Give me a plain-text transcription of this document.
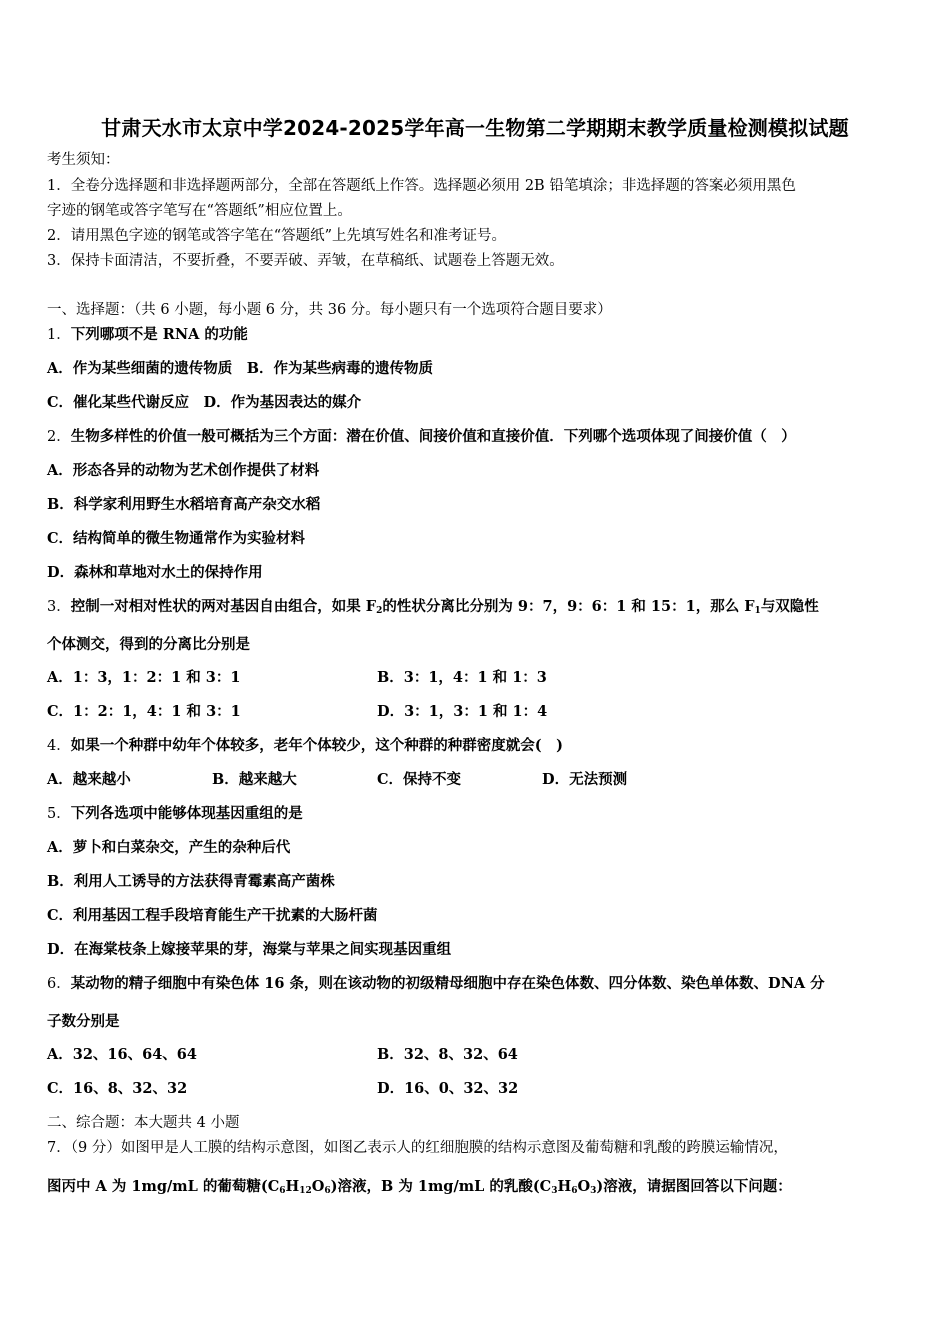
甘肃天水市太京中学2024-2025学年高一生物第二学期期末教学质量检测模拟试题
考生须知：
1．全卷分选择题和非选择题两部分，全部在答题纸上作答。选择题必须用 2B 铅笔填涂；非选择题的答案必须用黑色
字迹的钢笔或答字笔写在“答题纸”相应位置上。
2．请用黑色字迹的钢笔或答字笔在“答题纸”上先填写姓名和准考证号。
3．保持卡面清洁，不要折叠，不要弄破、弄皱，在草稿纸、试题卷上答题无效。
一、选择题：（共 6 小题，每小题 6 分，共 36 分。每小题只有一个选项符合题目要求）
1．下列哪项不是 RNA 的功能
A．作为某些细菌的遗传物质　B．作为某些病毒的遗传物质
C．催化某些代谢反应　D．作为基因表达的媒介
2．生物多样性的价值一般可概括为三个方面：潜在价值、间接价值和直接价值．下列哪个选项体现了间接价值（　）
A．形态各异的动物为艺术创作提供了材料
B．科学家利用野生水稻培育高产杂交水稻
C．结构简单的微生物通常作为实验材料
D．森林和草地对水土的保持作用
3．控制一对相对性状的两对基因自由组合，如果 $F_2$的性状分离比分别为 9：7，9：6：1 和 15：1，那么 $F_1$与双隐性
个体测交，得到的分离比分别是
A．1：3，1：2：1 和 3：1	B．3：1，4：1 和 1：3
C．1：2：1，4：1 和 3：1	D．3：1，3：1 和 1：4
4．如果一个种群中幼年个体较多，老年个体较少，这个种群的种群密度就会(　)
A．越来越小	B．越来越大	C．保持不变	D．无法预测
5．下列各选项中能够体现基因重组的是
A．萝卜和白菜杂交，产生的杂种后代
B．利用人工诱导的方法获得青霉素高产菌株
C．利用基因工程手段培育能生产干扰素的大肠杆菌
D．在海棠枝条上嫁接苹果的芽，海棠与苹果之间实现基因重组
6．某动物的精子细胞中有染色体 16 条，则在该动物的初级精母细胞中存在染色体数、四分体数、染色单体数、DNA 分
子数分别是
A．32、16、64、64	B．32、8、32、64
C．16、8、32、32	D．16、0、32、32
二、综合题：本大题共 4 小题
7．（9 分）如图甲是人工膜的结构示意图，如图乙表示人的红细胞膜的结构示意图及葡萄糖和乳酸的跨膜运输情况，
图丙中 A 为 1mg/mL 的葡萄糖$(C_6H_{12}O_6)$溶液，B 为 1mg/mL 的乳酸$(C_3H_6O_3)$溶液，请据图回答以下问题：
